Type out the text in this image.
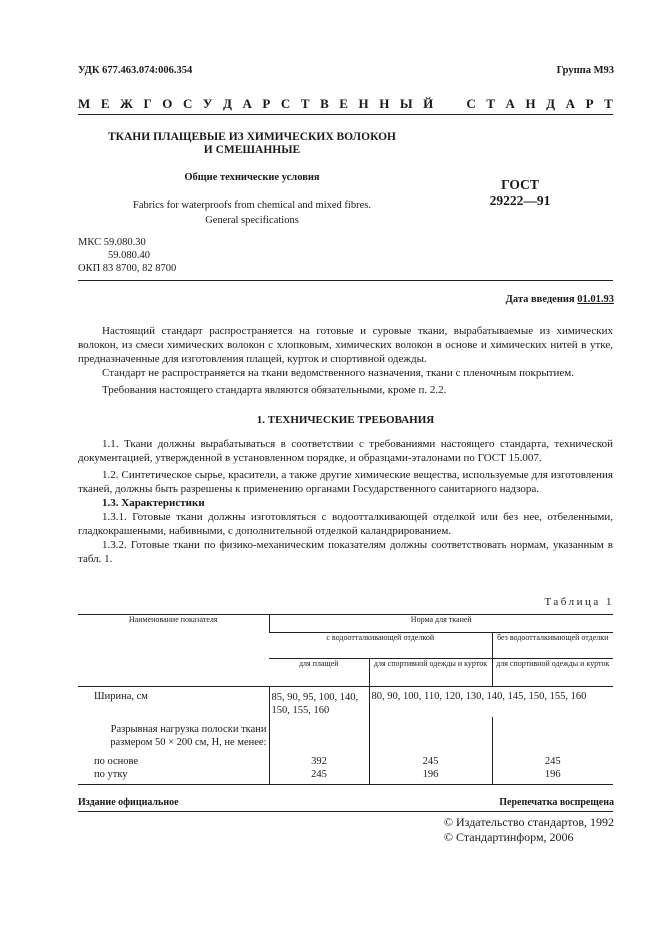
УДК 677.463.074:006.354	Группа М93
М Е Ж Г О С У Д А Р С Т В Е Н Н Ы Й	С Т А Н Д А Р Т
ТКАНИ ПЛАЩЕВЫЕ ИЗ ХИМИЧЕСКИХ ВОЛОКОН
И СМЕШАННЫЕ
Общие технические условия
Fabrics for waterproofs from chemical and mixed fibres.
General specifications
ГОСТ
29222—91
МКС 59.080.30
59.080.40
ОКП 83 8700, 82 8700
Дата введения 01.01.93

Настоящий стандарт распространяется на готовые и суровые ткани, вырабатываемые из химических волокон, из смеси химических волокон с хлопковым, химических волокон в основе и химических нитей в утке, предназначенные для изготовления плащей, курток и спортивной одежды.

Стандарт не распространяется на ткани ведомственного назначения, ткани с пленочным покрытием.

Требования настоящего стандарта являются обязательными, кроме п. 2.2.

1. ТЕХНИЧЕСКИЕ ТРЕБОВАНИЯ

1.1. Ткани должны вырабатываться в соответствии с требованиями настоящего стандарта, технической документацией, утвержденной в установленном порядке, и образцами-эталонами по ГОСТ 15.007.

1.2. Синтетическое сырье, красители, а также другие химические вещества, используемые для изготовления тканей, должны быть разрешены к применению органами Государственного санитарного надзора.

1.3. Характеристики

1.3.1. Готовые ткани должны изготовляться с водоотталкивающей отделкой или без нее, отбеленными, гладкокрашеными, набивными, с дополнительной отделкой каландрированием.

1.3.2. Готовые ткани по физико-механическим показателям должны соответствовать нормам, указанным в табл. 1.

Таблица 1
Наименование показателя	Норма для тканей		
	с водоотталкивающей отделкой		без водоотталкивающей отделки
	для плащей	для спортивной одежды и курток	для спортивной одежды и курток
Ширина, см	85, 90, 95, 100, 140, 150, 155, 160	80, 90, 100, 110, 120, 130, 140, 145, 150, 155, 160	
Разрывная нагрузка полоски ткани размером 50 × 200 см, Н, не менее:			
по основе	392	245	245
по утку	245	196	196
Издание официальное	Перепечатка воспрещена
© Издательство стандартов, 1992
© Стандартинформ, 2006
